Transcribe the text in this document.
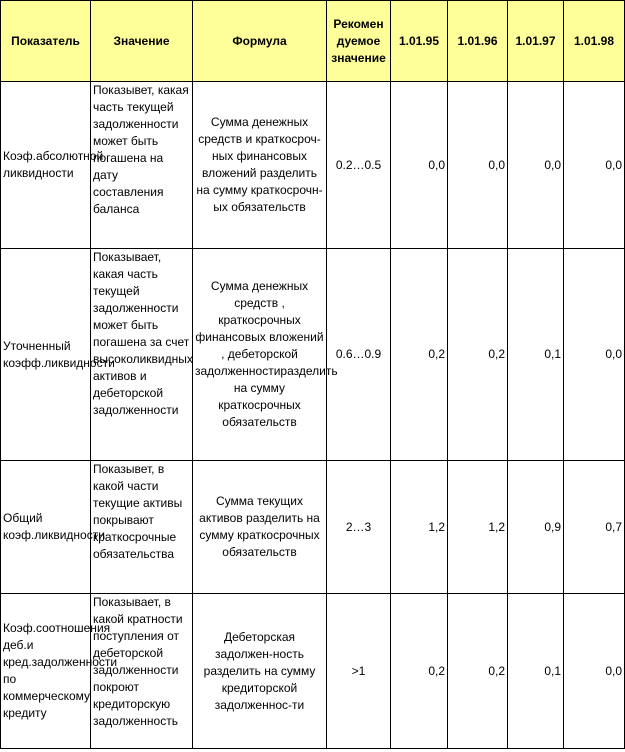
Показатель	Значение	Формула	Рекомен дуемое значение	1.01.95	1.01.96	1.01.97	1.01.98
Коэф.абсолютной ликвидности	Показывет, какая часть текущей задолженности может быть погашена на дату составления баланса	Сумма денежных средств и краткосроч-ных финансовых вложений разделить на сумму краткосрочн-ых обязательств	0.2…0.5	0,0	0,0	0,0	0,0
Уточненный коэфф.ликвидности	Показывает, какая часть текущей задолженности может быть погашена за счет высоколиквидных активов и дебеторской задолженности	Сумма денежных средств , краткосрочных финансовых вложений , дебеторской задолженностиразделить на сумму краткосрочных обязательств	0.6…0.9	0,2	0,2	0,1	0,0
Общий коэф.ликвидности	Показывет, в какой части текущие активы покрывают краткосрочные обязательства	Сумма текущих активов разделить на сумму краткосрочных обязательств	2…3	1,2	1,2	0,9	0,7
Коэф.соотношения деб.и кред.задолженности по коммерческому кредиту	Показывает, в какой кратности поступления от дебеторской задолженности покроют кредиторскую задолженность	Дебеторская задолжен-ность разделить на сумму кредиторской задолженнос-ти	>1	0,2	0,2	0,1	0,0
